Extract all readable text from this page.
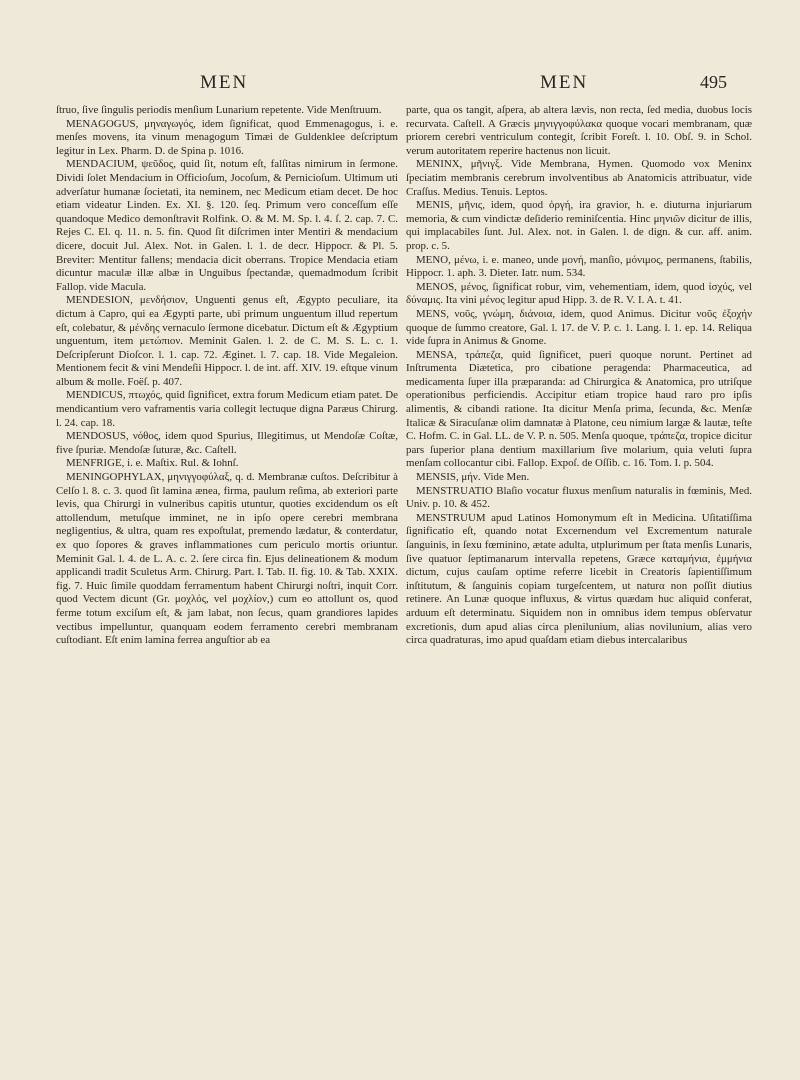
MEN	MEN	495

ſtruo, ſive ſingulis periodis menſium Lunarium repetente. Vide Menſtruum.

MENAGOGUS, μηναγωγός, idem ſignificat, quod Emmenagogus, i. e. menſes movens, ita vinum menagogum Timæi de Guldenklee deſcriptum legitur in Lex. Pharm. D. de Spina p. 1016.

MENDACIUM, ψεῦδος, quid ſit, notum eſt, falſitas nimirum in ſermone. Dividi ſolet Mendacium in Officioſum, Jocoſum, & Pernicioſum. Ultimum uti adverſatur humanæ ſocietati, ita neminem, nec Medicum etiam decet. De hoc etiam videatur Linden. Ex. XI. §. 120. ſeq. Primum vero conceſſum eſſe quandoque Medico demonſtravit Rolfink. O. & M. M. Sp. l. 4. ſ. 2. cap. 7. C. Rejes C. El. q. 11. n. 5. fin. Quod ſit diſcrimen inter Mentiri & mendacium dicere, docuit Jul. Alex. Not. in Galen. l. 1. de decr. Hippocr. & Pl. 5. Breviter: Mentitur fallens; mendacia dicit oberrans. Tropice Mendacia etiam dicuntur maculæ illæ albæ in Unguibus ſpectandæ, quemadmodum ſcribit Fallop. vide Macula.

MENDESION, μενδήσιον, Unguenti genus eſt, Ægypto peculiare, ita dictum à Capro, qui ea Ægypti parte, ubi primum unguentum illud repertum eſt, colebatur, & μένδης vernaculo ſermone dicebatur. Dictum eſt & Ægyptium unguentum, item μετώπιον. Meminit Galen. l. 2. de C. M. S. L. c. 1. Deſcripſerunt Dioſcor. l. 1. cap. 72. Æginet. l. 7. cap. 18. Vide Megaleion. Mentionem fecit & vini Mendeſii Hippocr. l. de int. aff. XIV. 19. eſtque vinum album & molle. Foëſ. p. 407.

MENDICUS, πτωχός, quid ſignificet, extra forum Medicum etiam patet. De mendicantium vero vaframentis varia collegit lectuque digna Paræus Chirurg. l. 24. cap. 18.

MENDOSUS, νόθος, idem quod Spurius, Illegitimus, ut Mendoſæ Coſtæ, five ſpuriæ. Mendoſæ ſuturæ, &c. Caſtell.

MENFRIGE, i. e. Maſtix. Rul. & Iohnſ.

MENINGOPHYLAX, μηνιγγοφύλαξ, q. d. Membranæ cuſtos. Deſcribitur à Celſo l. 8. c. 3. quod ſit lamina ænea, firma, paulum reſima, ab exteriori parte levis, qua Chirurgi in vulneribus capitis utuntur, quoties excidendum os eſt attollendum, metuſque imminet, ne in ipſo opere cerebri membrana negligentius, & ultra, quam res expoſtulat, premendo lædatur, & conterdatur, ex quo ſopores & graves inflammationes cum periculo mortis oriuntur. Meminit Gal. l. 4. de L. A. c. 2. ſere circa fin. Ejus delineationem & modum applicandi tradit Sculetus Arm. Chirurg. Part. I. Tab. II. fig. 10. & Tab. XXIX. fig. 7. Huic ſimile quoddam ferramentum habent Chirurgi noſtri, inquit Corr. quod Vectem dicunt (Gr. μοχλός, vel μοχλίον,) cum eo attollunt os, quod ferme totum exciſum eſt, & jam labat, non ſecus, quam grandiores lapides vectibus impelluntur, quanquam eodem ferramento cerebri membranam cuſtodiant. Eſt enim lamina ferrea anguſtior ab ea

parte, qua os tangit, aſpera, ab altera lævis, non recta, ſed media, duobus locis recurvata. Caſtell. A Græcis μηνιγγοφύλακα quoque vocari membranam, quæ priorem cerebri ventriculum contegit, ſcribit Foreſt. l. 10. Obſ. 9. in Schol. verum autoritatem reperire hactenus non licuit.

MENINX, μῆνιγξ. Vide Membrana, Hymen. Quomodo vox Meninx ſpeciatim membranis cerebrum involventibus ab Anatomicis attribuatur, vide Craſſus. Medius. Tenuis. Leptos.

MENIS, μῆνις, idem, quod ὀργή, ira gravior, h. e. diuturna injuriarum memoria, & cum vindictæ deſiderio reminiſcentia. Hinc μηνιῶν dicitur de illis, qui implacabiles ſunt. Jul. Alex. not. in Galen. l. de dign. & cur. aff. anim. prop. c. 5.

MENO, μένω, i. e. maneo, unde μονή, manſio, μόνιμος, permanens, ſtabilis, Hippocr. 1. aph. 3. Dieter. Iatr. num. 534.

MENOS, μένος, ſignificat robur, vim, vehementiam, idem, quod ἰσχύς, vel δύναμις. Ita vini μένος legitur apud Hipp. 3. de R. V. I. A. t. 41.

MENS, νοῦς, γνώμη, διάνοια, idem, quod Animus. Dicitur νοῦς ἐξοχήν quoque de ſummo creatore, Gal. l. 17. de V. P. c. 1. Lang. l. 1. ep. 14. Reliqua vide ſupra in Animus & Gnome.

MENSA, τράπεζα, quid ſignificet, pueri quoque norunt. Pertinet ad Inſtrumenta Diætetica, pro cibatione peragenda: Pharmaceutica, ad medicamenta ſuper illa præparanda: ad Chirurgica & Anatomica, pro utriſque operationibus perficiendis. Accipitur etiam tropice haud raro pro ipſis alimentis, & cibandi ratione. Ita dicitur Menſa prima, ſecunda, &c. Menſæ Italicæ & Siracuſanæ olim damnatæ à Platone, ceu nimium largæ & lautæ, teſte C. Hofm. C. in Gal. LL. de V. P. n. 505. Menſa quoque, τράπεζα, tropice dicitur pars ſuperior plana dentium maxillarium ſive molarium, quia veluti ſupra menſam collocantur cibi. Fallop. Expoſ. de Oſſib. c. 16. Tom. I. p. 504.

MENSIS, μήν. Vide Men.

MENSTRUATIO Blaſio vocatur fluxus menſium naturalis in fœminis, Med. Univ. p. 10. & 452.

MENSTRUUM apud Latinos Homonymum eſt in Medicina. Uſitatiſſima ſignificatio eſt, quando notat Excernendum vel Excrementum naturale ſanguinis, in ſexu fœminino, ætate adulta, utplurimum per ſtata menſis Lunaris, ſive quatuor ſeptimanarum intervalla repetens, Græce καταμήνια, ἐμμήνια dictum, cujus cauſam optime referre licebit in Creatoris ſapientiſſimum inſtitutum, & ſanguinis copiam turgeſcentem, ut naturα non poſſit diutius retinere. An Lunæ quoque influxus, & virtus quædam huc aliquid conferat, arduum eſt determinatu. Siquidem non in omnibus idem tempus obſervatur excretionis, dum apud alias circa plenilunium, alias novilunium, alias vero circa quadraturas, imo apud quaſdam etiam diebus intercalaribus
